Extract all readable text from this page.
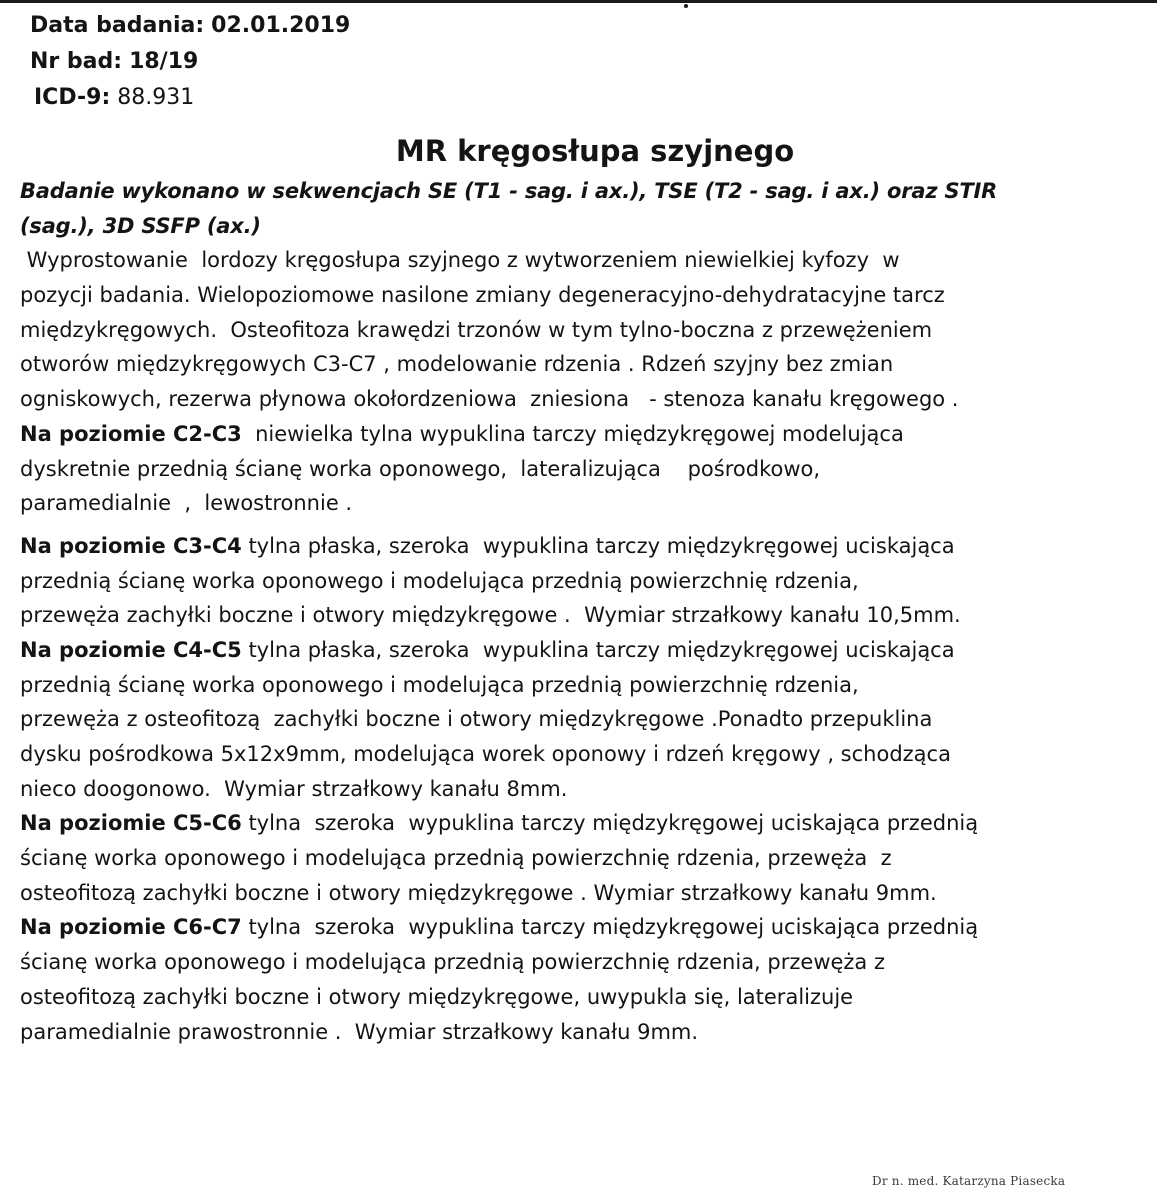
Data badania: 02.01.2019
Nr bad: 18/19
ICD-9: 88.931
MR kręgosłupa szyjnego
Badanie wykonano w sekwencjach SE (T1 - sag. i ax.), TSE (T2 - sag. i ax.) oraz STIR
(sag.), 3D SSFP (ax.)
Wyprostowanie  lordozy kręgosłupa szyjnego z wytworzeniem niewielkiej kyfozy  w
pozycji badania. Wielopoziomowe nasilone zmiany degeneracyjno-dehydratacyjne tarcz
międzykręgowych.  Osteofitoza krawędzi trzonów w tym tylno-boczna z przewężeniem
otworów międzykręgowych C3-C7 , modelowanie rdzenia . Rdzeń szyjny bez zmian
ogniskowych, rezerwa płynowa okołordzeniowa  zniesiona   - stenoza kanału kręgowego .
Na poziomie C2-C3  niewielka tylna wypuklina tarczy międzykręgowej modelująca
dyskretnie przednią ścianę worka oponowego,  lateralizująca    pośrodkowo,
paramedialnie  ,  lewostronnie .
Na poziomie C3-C4 tylna płaska, szeroka  wypuklina tarczy międzykręgowej uciskająca
przednią ścianę worka oponowego i modelująca przednią powierzchnię rdzenia,
przewęża zachyłki boczne i otwory międzykręgowe .  Wymiar strzałkowy kanału 10,5mm.
Na poziomie C4-C5 tylna płaska, szeroka  wypuklina tarczy międzykręgowej uciskająca
przednią ścianę worka oponowego i modelująca przednią powierzchnię rdzenia,
przewęża z osteofitozą  zachyłki boczne i otwory międzykręgowe .Ponadto przepuklina
dysku pośrodkowa 5x12x9mm, modelująca worek oponowy i rdzeń kręgowy , schodząca
nieco doogonowo.  Wymiar strzałkowy kanału 8mm.
Na poziomie C5-C6 tylna  szeroka  wypuklina tarczy międzykręgowej uciskająca przednią
ścianę worka oponowego i modelująca przednią powierzchnię rdzenia, przewęża  z
osteofitozą zachyłki boczne i otwory międzykręgowe . Wymiar strzałkowy kanału 9mm.
Na poziomie C6-C7 tylna  szeroka  wypuklina tarczy międzykręgowej uciskająca przednią
ścianę worka oponowego i modelująca przednią powierzchnię rdzenia, przewęża z
osteofitozą zachyłki boczne i otwory międzykręgowe, uwypukla się, lateralizuje
paramedialnie prawostronnie .  Wymiar strzałkowy kanału 9mm.
Dr n. med. Katarzyna Piasecka
